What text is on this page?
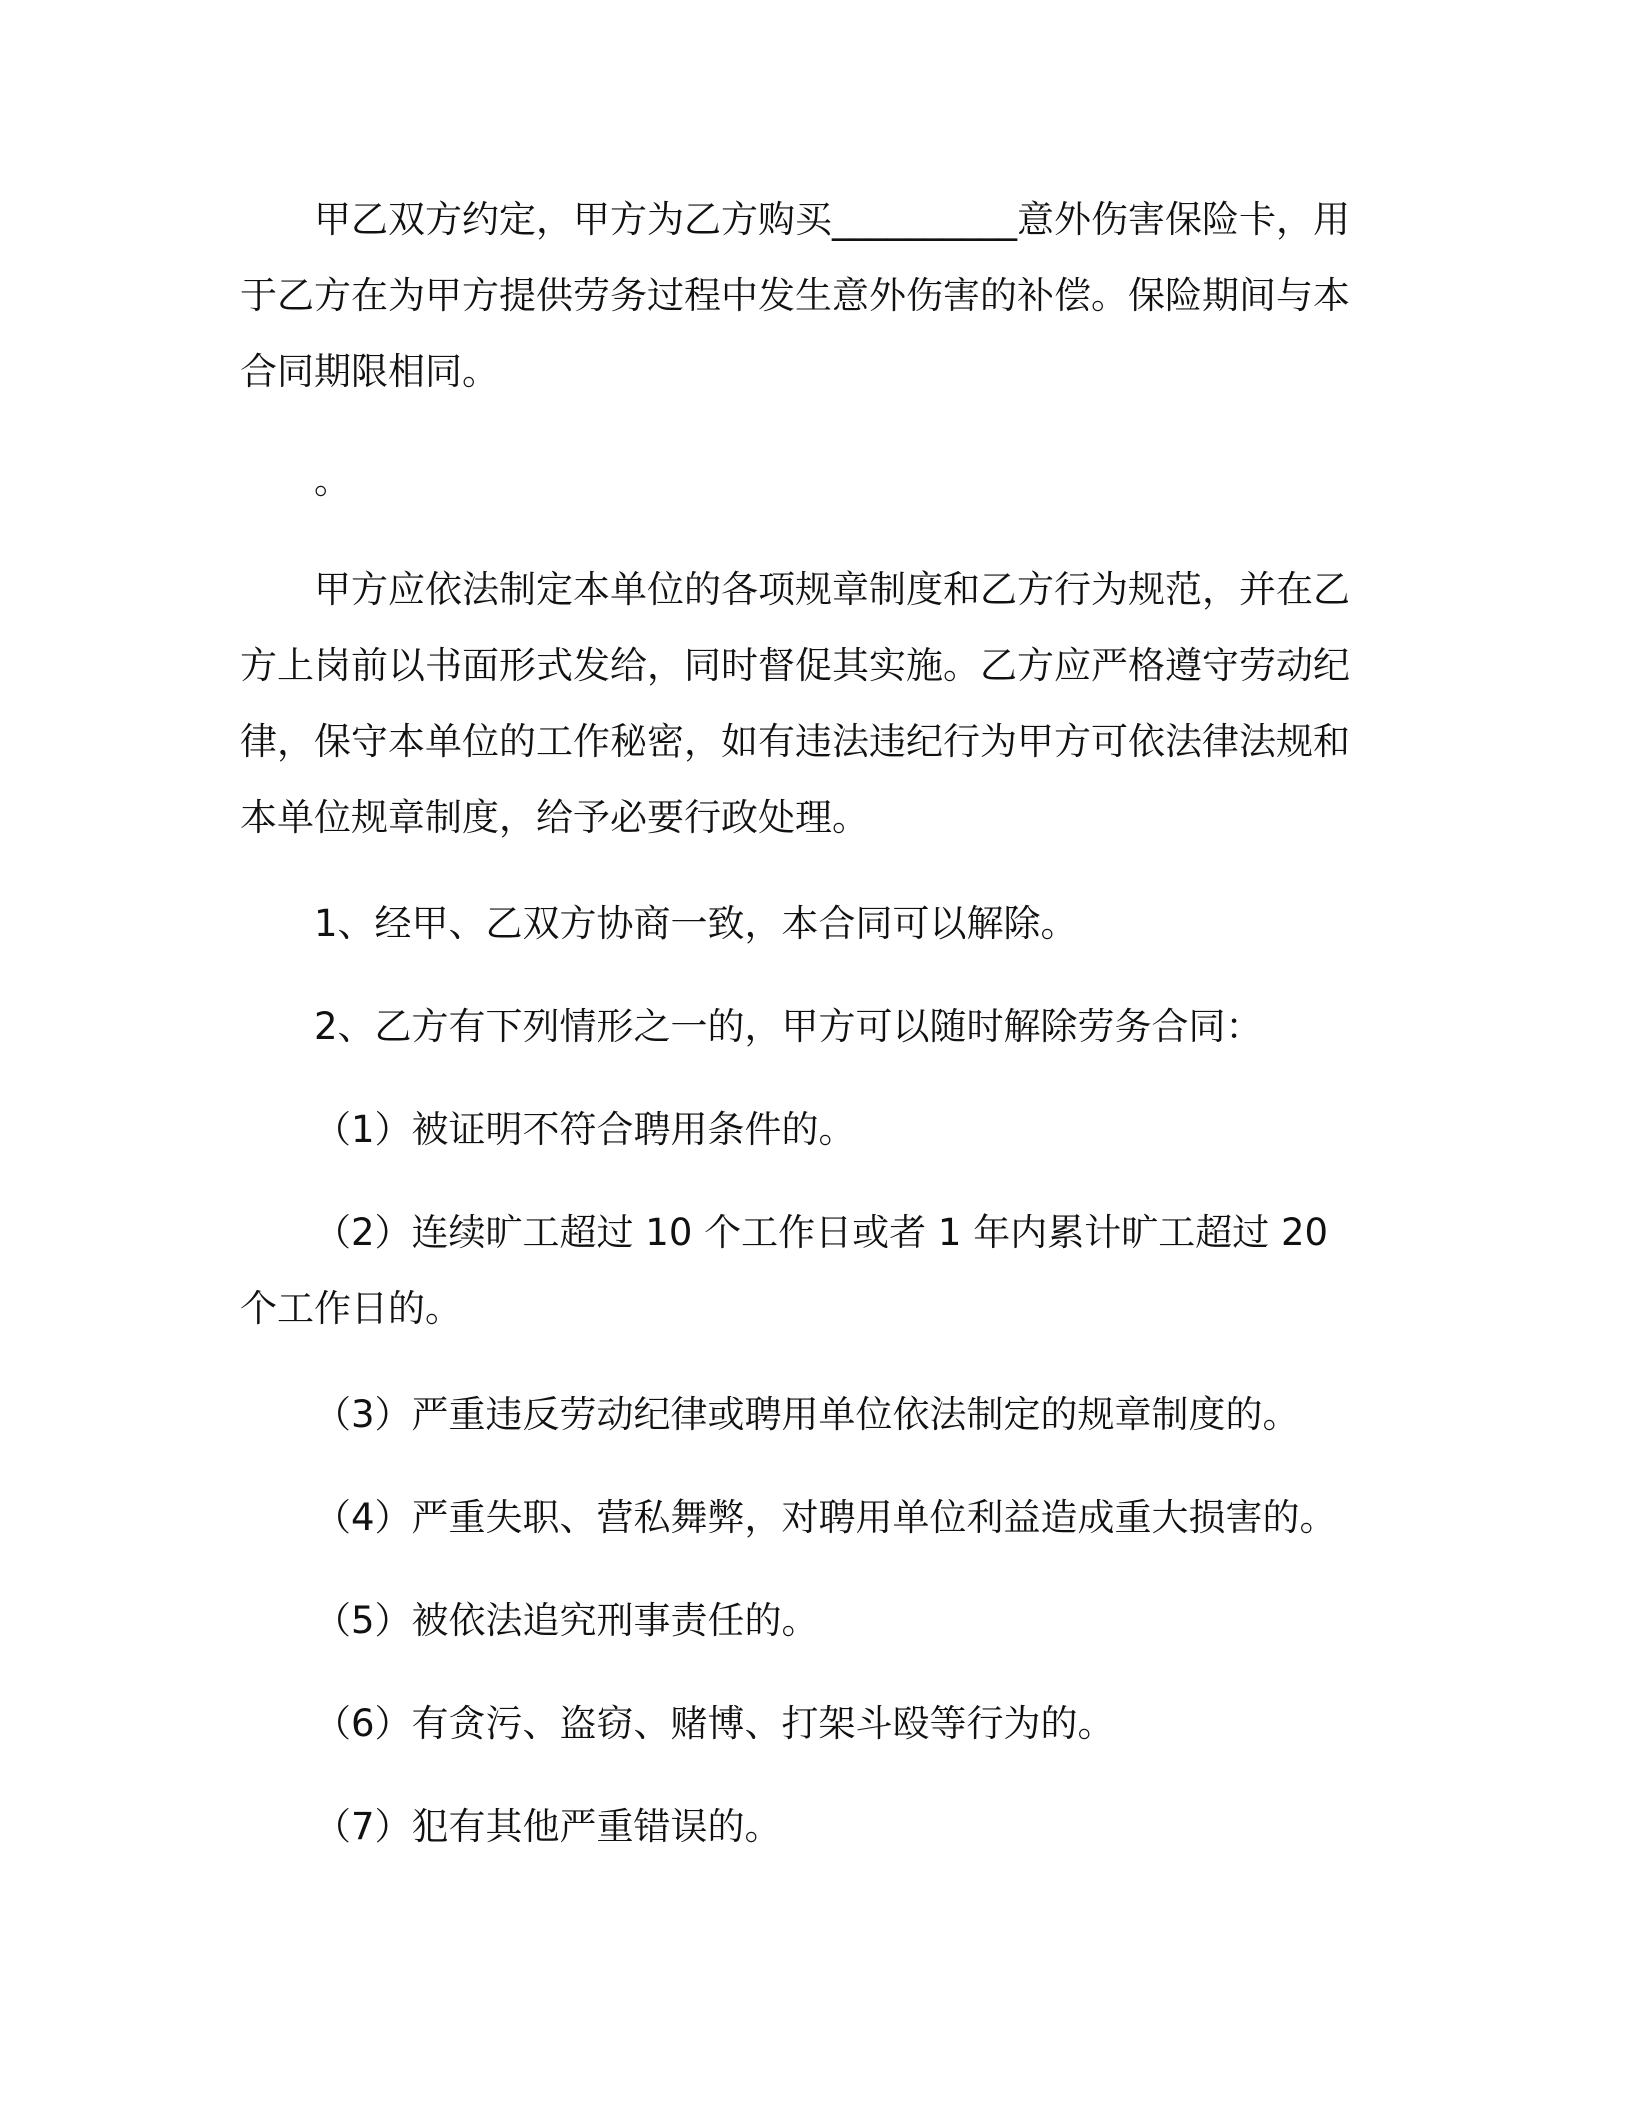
甲乙双方约定，甲方为乙方购买__________意外伤害保险卡，用于乙方在为甲方提供劳务过程中发生意外伤害的补偿。保险期间与本合同期限相同。

。

甲方应依法制定本单位的各项规章制度和乙方行为规范，并在乙方上岗前以书面形式发给，同时督促其实施。乙方应严格遵守劳动纪律，保守本单位的工作秘密，如有违法违纪行为甲方可依法律法规和本单位规章制度，给予必要行政处理。

1、经甲、乙双方协商一致，本合同可以解除。

2、乙方有下列情形之一的，甲方可以随时解除劳务合同：

（1）被证明不符合聘用条件的。

（2）连续旷工超过 10 个工作日或者 1 年内累计旷工超过 20 个工作日的。

（3）严重违反劳动纪律或聘用单位依法制定的规章制度的。

（4）严重失职、营私舞弊，对聘用单位利益造成重大损害的。

（5）被依法追究刑事责任的。

（6）有贪污、盗窃、赌博、打架斗殴等行为的。

（7）犯有其他严重错误的。
